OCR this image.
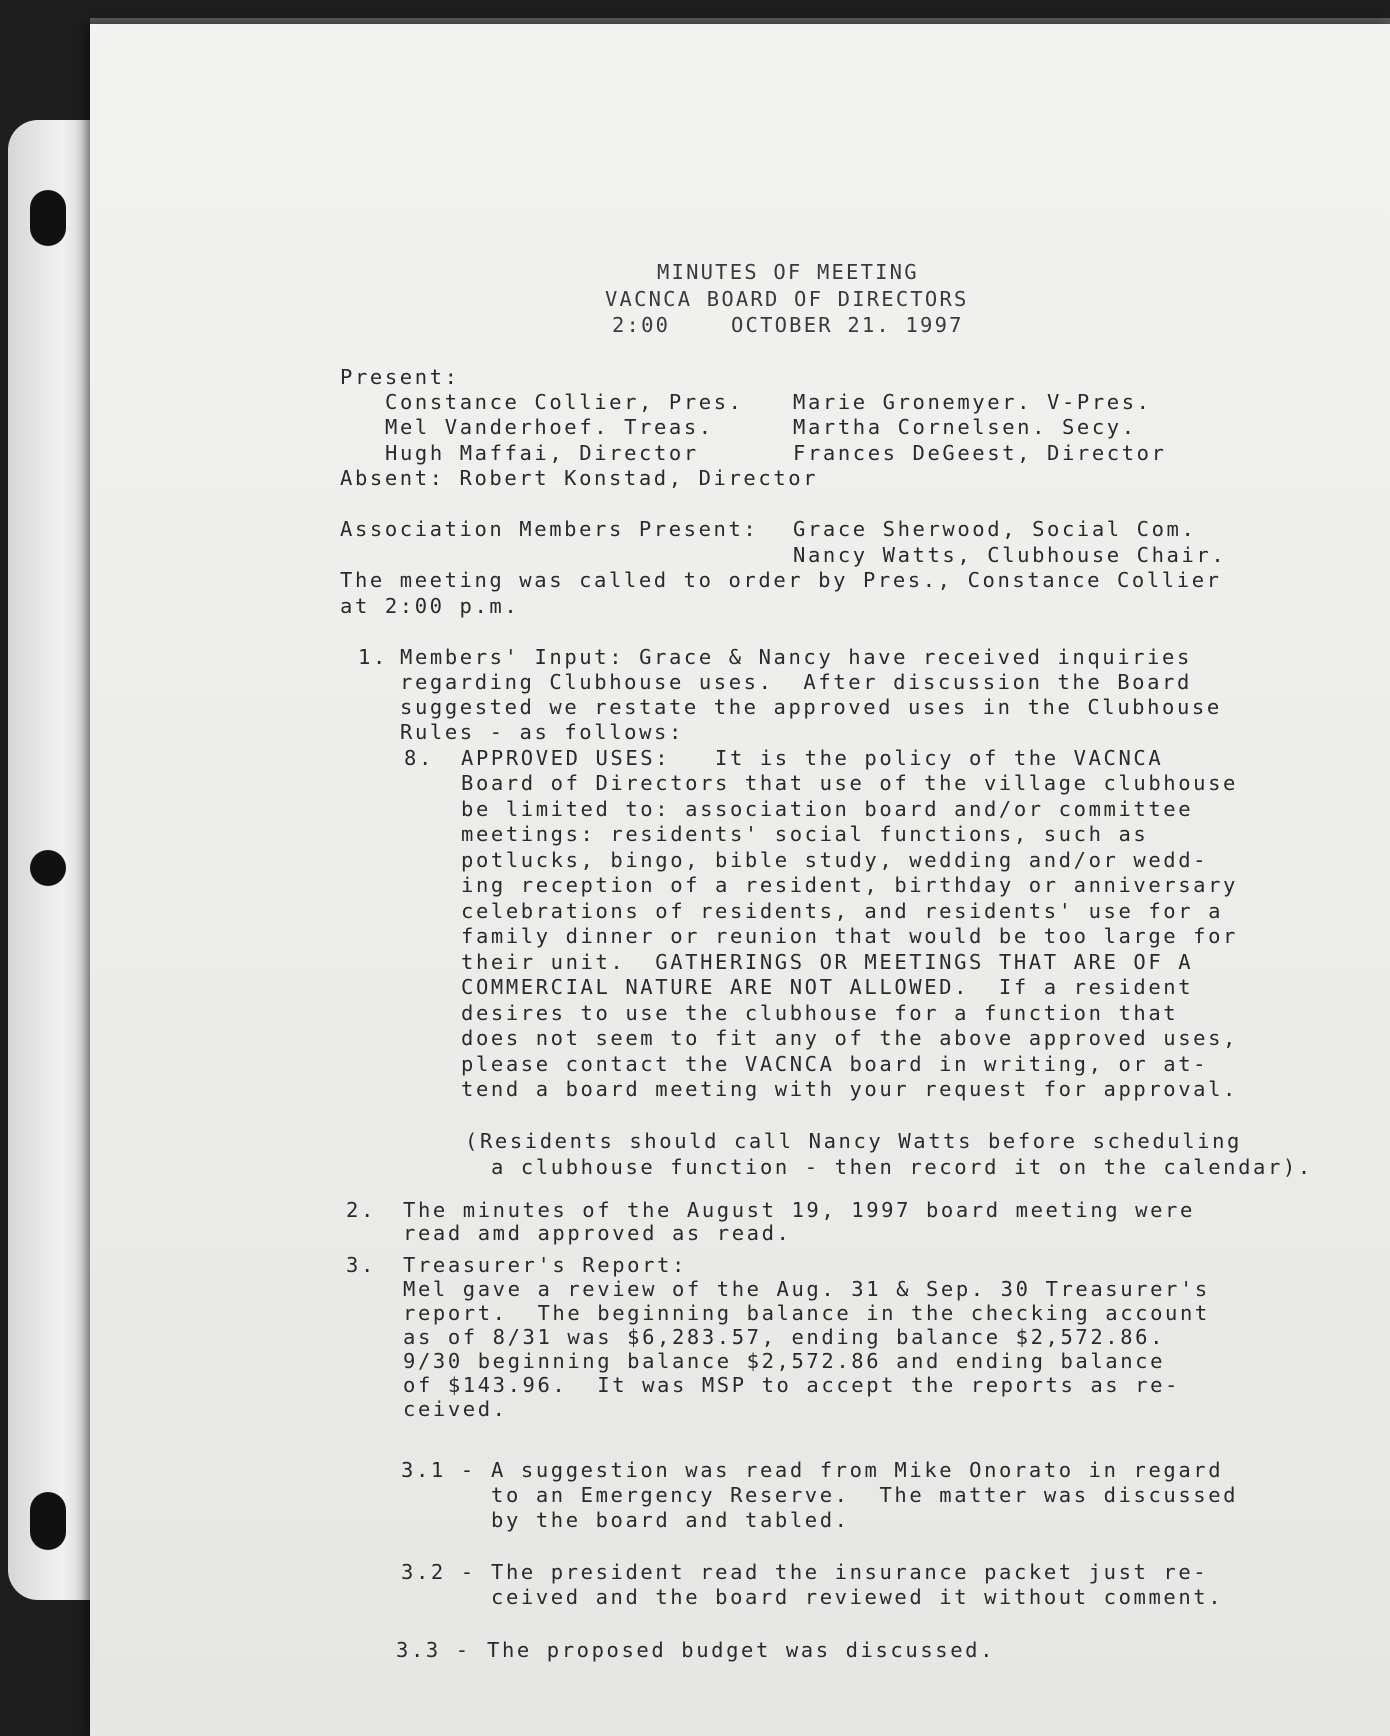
MINUTES OF MEETING
VACNCA BOARD OF DIRECTORS
2:00	OCTOBER 21. 1997
Present:
Constance Collier, Pres. Marie Gronemyer. V-Pres.
Mel Vanderhoef. Treas.	Martha Cornelsen. Secy.
Hugh Maffai, Director	Frances DeGeest, Director
Absent: Robert Konstad, Director
Association Members Present: Grace Sherwood, Social Com.
Nancy Watts, Clubhouse Chair.
The meeting was called to order by Pres., Constance Collier
at 2:00 p.m.
1. Members' Input: Grace & Nancy have received inquiries
regarding Clubhouse uses.  After discussion the Board
suggested we restate the approved uses in the Clubhouse
Rules - as follows:
8. APPROVED USES:   It is the policy of the VACNCA
Board of Directors that use of the village clubhouse
be limited to: association board and/or committee
meetings: residents' social functions, such as
potlucks, bingo, bible study, wedding and/or wedd-
ing reception of a resident, birthday or anniversary
celebrations of residents, and residents' use for a
family dinner or reunion that would be too large for
their unit.  GATHERINGS OR MEETINGS THAT ARE OF A
COMMERCIAL NATURE ARE NOT ALLOWED.  If a resident
desires to use the clubhouse for a function that
does not seem to fit any of the above approved uses,
please contact the VACNCA board in writing, or at-
tend a board meeting with your request for approval.
(Residents should call Nancy Watts before scheduling
a clubhouse function - then record it on the calendar).
2. The minutes of the August 19, 1997 board meeting were
read amd approved as read.
3. Treasurer's Report:
Mel gave a review of the Aug. 31 & Sep. 30 Treasurer's
report.  The beginning balance in the checking account
as of 8/31 was $6,283.57, ending balance $2,572.86.
9/30 beginning balance $2,572.86 and ending balance
of $143.96.  It was MSP to accept the reports as re-
ceived.
3.1 - A suggestion was read from Mike Onorato in regard
to an Emergency Reserve.  The matter was discussed
by the board and tabled.
3.2 - The president read the insurance packet just re-
ceived and the board reviewed it without comment.
3.3 - The proposed budget was discussed.
